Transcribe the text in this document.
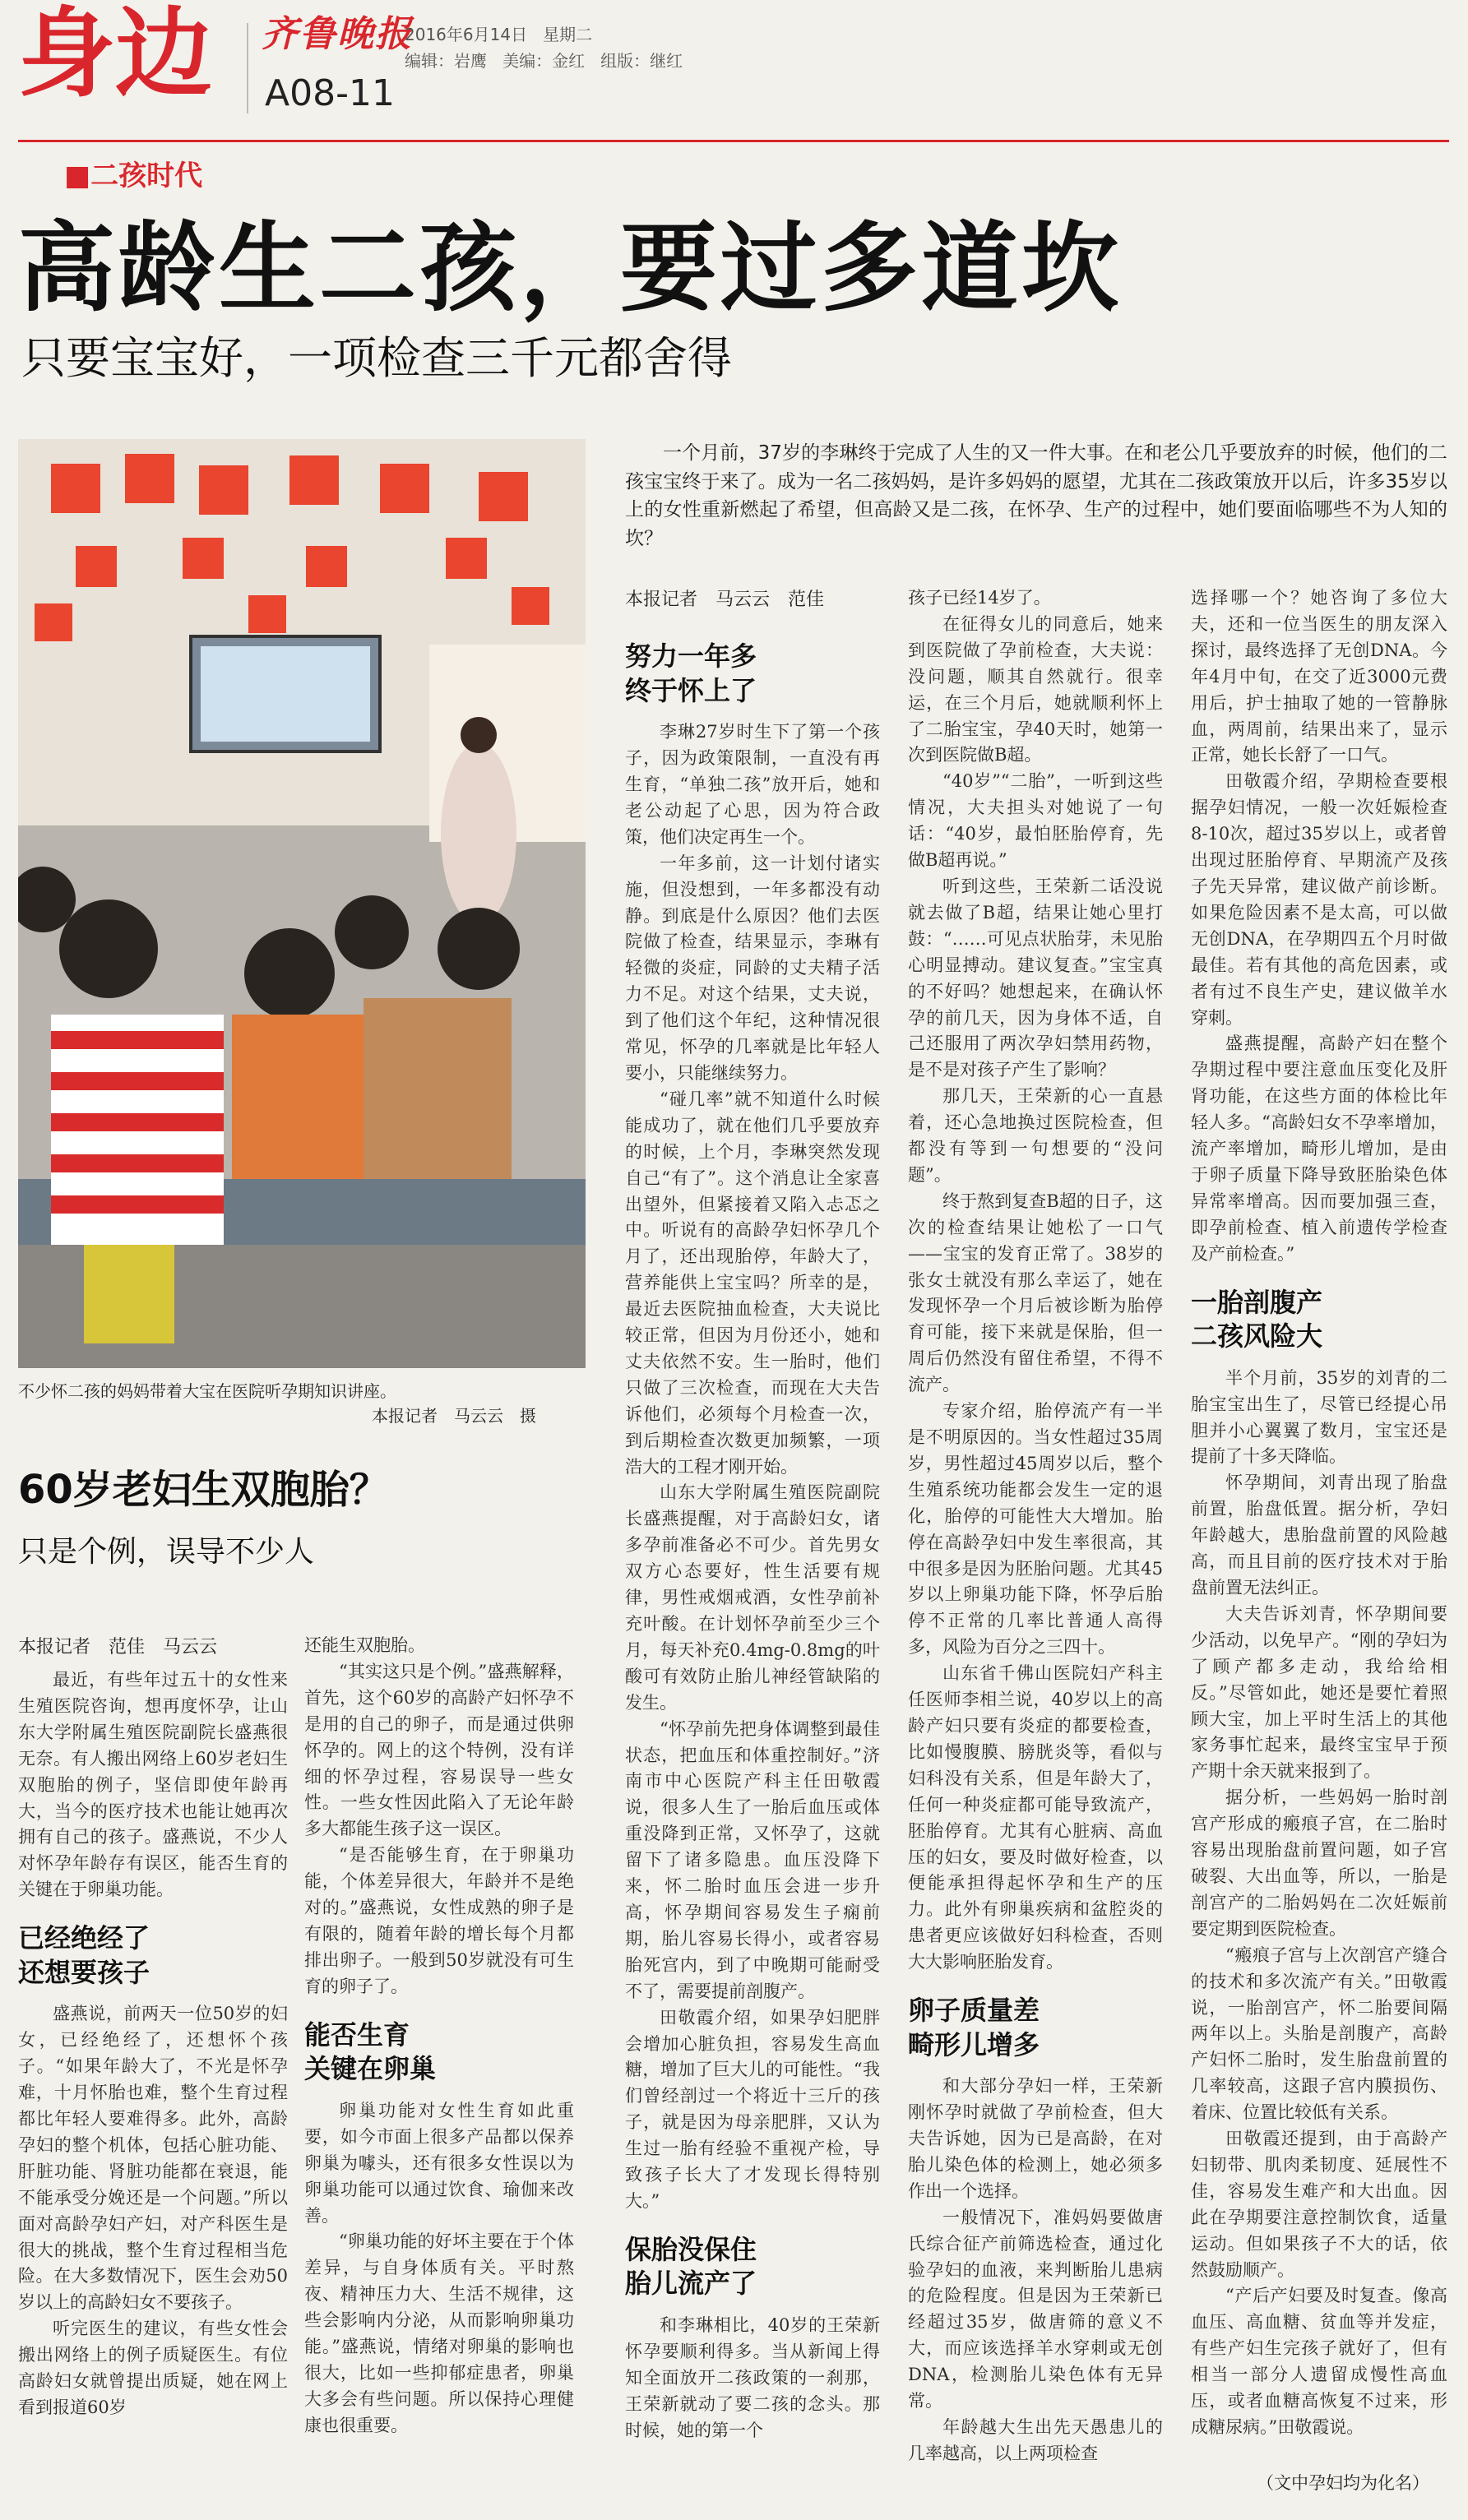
身边 齐鲁晚报
2016年6月14日 星期二
编辑：岩鹰 美编：金红 组版：继红
A08-11
■二孩时代
高龄生二孩，要过多道坎
只要宝宝好，一项检查三千元都舍得
不少怀二孩的妈妈带着大宝在医院听孕期知识讲座。
本报记者　马云云　摄
一个月前，37岁的李琳终于完成了人生的又一件大事。在和老公几乎要放弃的时候，他们的二孩宝宝终于来了。成为一名二孩妈妈，是许多妈妈的愿望，尤其在二孩政策放开以后，许多35岁以上的女性重新燃起了希望，但高龄又是二孩，在怀孕、生产的过程中，她们要面临哪些不为人知的坎？
本报记者　马云云　范佳
努力一年多
终于怀上了

李琳27岁时生下了第一个孩子，因为政策限制，一直没有再生育，“单独二孩”放开后，她和老公动起了心思，因为符合政策，他们决定再生一个。

一年多前，这一计划付诸实施，但没想到，一年多都没有动静。到底是什么原因？他们去医院做了检查，结果显示，李琳有轻微的炎症，同龄的丈夫精子活力不足。对这个结果，丈夫说，到了他们这个年纪，这种情况很常见，怀孕的几率就是比年轻人要小，只能继续努力。

“碰几率”就不知道什么时候能成功了，就在他们几乎要放弃的时候，上个月，李琳突然发现自己“有了”。这个消息让全家喜出望外，但紧接着又陷入忐忑之中。听说有的高龄孕妇怀孕几个月了，还出现胎停，年龄大了，营养能供上宝宝吗？所幸的是，最近去医院抽血检查，大夫说比较正常，但因为月份还小，她和丈夫依然不安。生一胎时，他们只做了三次检查，而现在大夫告诉他们，必须每个月检查一次，到后期检查次数更加频繁，一项浩大的工程才刚开始。

山东大学附属生殖医院副院长盛燕提醒，对于高龄妇女，诸多孕前准备必不可少。首先男女双方心态要好，性生活要有规律，男性戒烟戒酒，女性孕前补充叶酸。在计划怀孕前至少三个月，每天补充0.4mg-0.8mg的叶酸可有效防止胎儿神经管缺陷的发生。

“怀孕前先把身体调整到最佳状态，把血压和体重控制好。”济南市中心医院产科主任田敬霞说，很多人生了一胎后血压或体重没降到正常，又怀孕了，这就留下了诸多隐患。血压没降下来，怀二胎时血压会进一步升高，怀孕期间容易发生子痫前期，胎儿容易长得小，或者容易胎死宫内，到了中晚期可能耐受不了，需要提前剖腹产。

田敬霞介绍，如果孕妇肥胖会增加心脏负担，容易发生高血糖，增加了巨大儿的可能性。“我们曾经剖过一个将近十三斤的孩子，就是因为母亲肥胖，又认为生过一胎有经验不重视产检，导致孩子长大了才发现长得特别大。”

保胎没保住
胎儿流产了

和李琳相比，40岁的王荣新怀孕要顺利得多。当从新闻上得知全面放开二孩政策的一刹那，王荣新就动了要二孩的念头。那时候，她的第一个

孩子已经14岁了。

在征得女儿的同意后，她来到医院做了孕前检查，大夫说：没问题，顺其自然就行。很幸运，在三个月后，她就顺利怀上了二胎宝宝，孕40天时，她第一次到医院做B超。

“40岁”“二胎”，一听到这些情况，大夫担头对她说了一句话：“40岁，最怕胚胎停育，先做B超再说。”

听到这些，王荣新二话没说就去做了B超，结果让她心里打鼓：“……可见点状胎芽，未见胎心明显搏动。建议复查。”宝宝真的不好吗？她想起来，在确认怀孕的前几天，因为身体不适，自己还服用了两次孕妇禁用药物，是不是对孩子产生了影响？

那几天，王荣新的心一直悬着，还心急地换过医院检查，但都没有等到一句想要的“没问题”。

终于熬到复查B超的日子，这次的检查结果让她松了一口气——宝宝的发育正常了。38岁的张女士就没有那么幸运了，她在发现怀孕一个月后被诊断为胎停育可能，接下来就是保胎，但一周后仍然没有留住希望，不得不流产。

专家介绍，胎停流产有一半是不明原因的。当女性超过35周岁，男性超过45周岁以后，整个生殖系统功能都会发生一定的退化，胎停的可能性大大增加。胎停在高龄孕妇中发生率很高，其中很多是因为胚胎问题。尤其45岁以上卵巢功能下降，怀孕后胎停不正常的几率比普通人高得多，风险为百分之三四十。

山东省千佛山医院妇产科主任医师李相兰说，40岁以上的高龄产妇只要有炎症的都要检查，比如慢腹膜、膀胱炎等，看似与妇科没有关系，但是年龄大了，任何一种炎症都可能导致流产，胚胎停育。尤其有心脏病、高血压的妇女，要及时做好检查，以便能承担得起怀孕和生产的压力。此外有卵巢疾病和盆腔炎的患者更应该做好妇科检查，否则大大影响胚胎发育。

卵子质量差
畸形儿增多

和大部分孕妇一样，王荣新刚怀孕时就做了孕前检查，但大夫告诉她，因为已是高龄，在对胎儿染色体的检测上，她必须多作出一个选择。

一般情况下，准妈妈要做唐氏综合征产前筛选检查，通过化验孕妇的血液，来判断胎儿患病的危险程度。但是因为王荣新已经超过35岁，做唐筛的意义不大，而应该选择羊水穿刺或无创DNA，检测胎儿染色体有无异常。

年龄越大生出先天愚患儿的几率越高，以上两项检查

选择哪一个？她咨询了多位大夫，还和一位当医生的朋友深入探讨，最终选择了无创DNA。今年4月中旬，在交了近3000元费用后，护士抽取了她的一管静脉血，两周前，结果出来了，显示正常，她长长舒了一口气。

田敬霞介绍，孕期检查要根据孕妇情况，一般一次妊娠检查8-10次，超过35岁以上，或者曾出现过胚胎停育、早期流产及孩子先天异常，建议做产前诊断。如果危险因素不是太高，可以做无创DNA，在孕期四五个月时做最佳。若有其他的高危因素，或者有过不良生产史，建议做羊水穿刺。

盛燕提醒，高龄产妇在整个孕期过程中要注意血压变化及肝肾功能，在这些方面的体检比年轻人多。“高龄妇女不孕率增加，流产率增加，畸形儿增加，是由于卵子质量下降导致胚胎染色体异常率增高。因而要加强三查，即孕前检查、植入前遗传学检查及产前检查。”

一胎剖腹产
二孩风险大

半个月前，35岁的刘青的二胎宝宝出生了，尽管已经提心吊胆并小心翼翼了数月，宝宝还是提前了十多天降临。

怀孕期间，刘青出现了胎盘前置，胎盘低置。据分析，孕妇年龄越大，患胎盘前置的风险越高，而且目前的医疗技术对于胎盘前置无法纠正。

大夫告诉刘青，怀孕期间要少活动，以免早产。“刚的孕妇为了顾产都多走动，我给给相反。”尽管如此，她还是要忙着照顾大宝，加上平时生活上的其他家务事忙起来，最终宝宝早于预产期十余天就来报到了。

据分析，一些妈妈一胎时剖宫产形成的瘢痕子宫，在二胎时容易出现胎盘前置问题，如子宫破裂、大出血等，所以，一胎是剖宫产的二胎妈妈在二次妊娠前要定期到医院检查。

“瘢痕子宫与上次剖宫产缝合的技术和多次流产有关。”田敬霞说，一胎剖宫产，怀二胎要间隔两年以上。头胎是剖腹产，高龄产妇怀二胎时，发生胎盘前置的几率较高，这跟子宫内膜损伤、着床、位置比较低有关系。

田敬霞还提到，由于高龄产妇韧带、肌肉柔韧度、延展性不佳，容易发生难产和大出血。因此在孕期要注意控制饮食，适量运动。但如果孩子不大的话，依然鼓励顺产。

“产后产妇要及时复查。像高血压、高血糖、贫血等并发症，有些产妇生完孩子就好了，但有相当一部分人遗留成慢性高血压，或者血糖高恢复不过来，形成糖尿病。”田敬霞说。

（文中孕妇均为化名）
60岁老妇生双胞胎？
只是个例，误导不少人
本报记者　范佳　马云云

最近，有些年过五十的女性来生殖医院咨询，想再度怀孕，让山东大学附属生殖医院副院长盛燕很无奈。有人搬出网络上60岁老妇生双胞胎的例子，坚信即使年龄再大，当今的医疗技术也能让她再次拥有自己的孩子。盛燕说，不少人对怀孕年龄存有误区，能否生育的关键在于卵巢功能。

已经绝经了
还想要孩子

盛燕说，前两天一位50岁的妇女，已经绝经了，还想怀个孩子。“如果年龄大了，不光是怀孕难，十月怀胎也难，整个生育过程都比年轻人要难得多。此外，高龄孕妇的整个机体，包括心脏功能、肝脏功能、肾脏功能都在衰退，能不能承受分娩还是一个问题。”所以面对高龄孕妇产妇，对产科医生是很大的挑战，整个生育过程相当危险。在大多数情况下，医生会劝50岁以上的高龄妇女不要孩子。

听完医生的建议，有些女性会搬出网络上的例子质疑医生。有位高龄妇女就曾提出质疑，她在网上看到报道60岁

还能生双胞胎。

“其实这只是个例。”盛燕解释，首先，这个60岁的高龄产妇怀孕不是用的自己的卵子，而是通过供卵怀孕的。网上的这个特例，没有详细的怀孕过程，容易误导一些女性。一些女性因此陷入了无论年龄多大都能生孩子这一误区。

“是否能够生育，在于卵巢功能，个体差异很大，年龄并不是绝对的。”盛燕说，女性成熟的卵子是有限的，随着年龄的增长每个月都排出卵子。一般到50岁就没有可生育的卵子了。

能否生育
关键在卵巢

卵巢功能对女性生育如此重要，如今市面上很多产品都以保养卵巢为噱头，还有很多女性误以为卵巢功能可以通过饮食、瑜伽来改善。

“卵巢功能的好坏主要在于个体差异，与自身体质有关。平时熬夜、精神压力大、生活不规律，这些会影响内分泌，从而影响卵巢功能。”盛燕说，情绪对卵巢的影响也很大，比如一些抑郁症患者，卵巢大多会有些问题。所以保持心理健康也很重要。
